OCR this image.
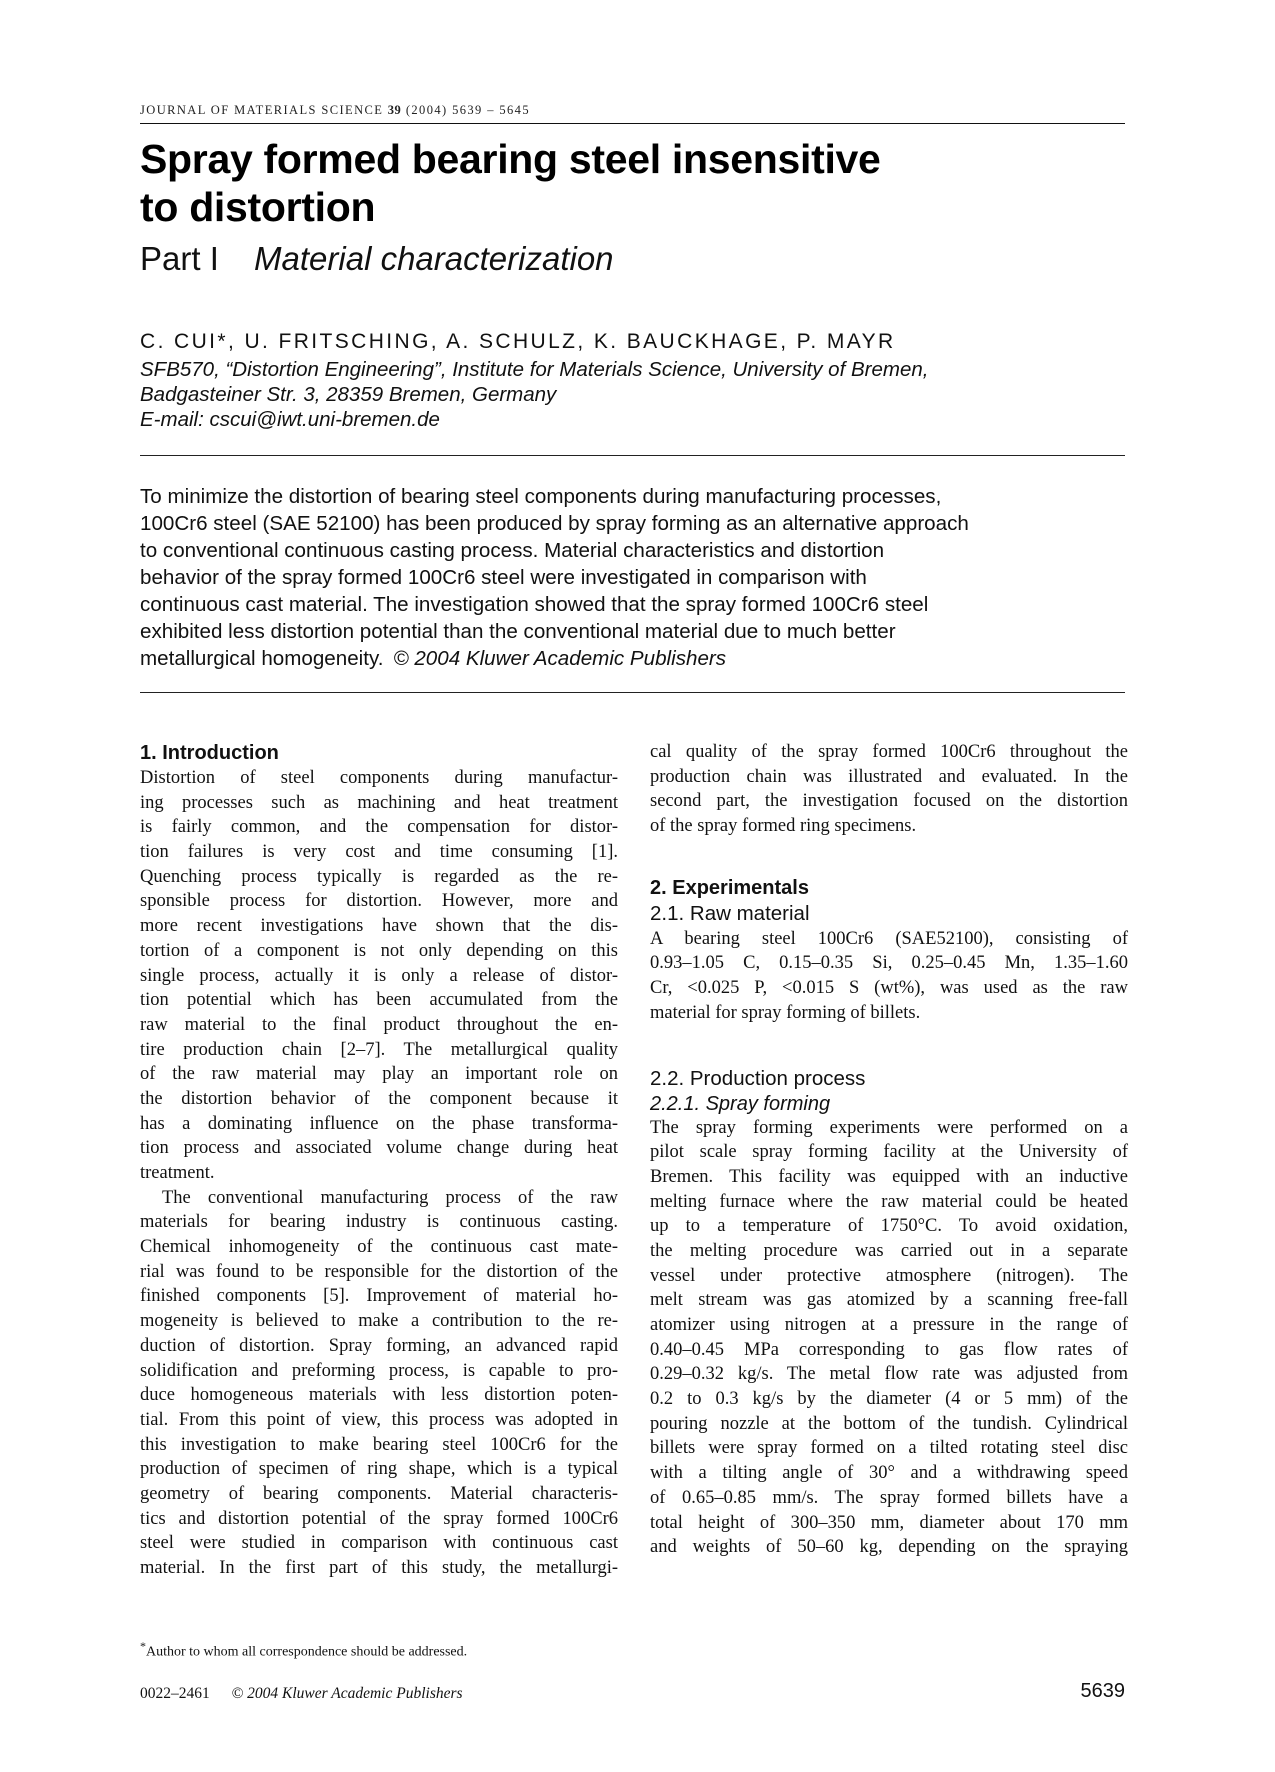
JOURNAL OF MATERIALS SCIENCE 39 (2004) 5639 – 5645
Spray formed bearing steel insensitive
to distortion
Part I Material characterization
C. CUI*, U. FRITSCHING, A. SCHULZ, K. BAUCKHAGE, P. MAYR
SFB570, “Distortion Engineering”, Institute for Materials Science, University of Bremen,
Badgasteiner Str. 3, 28359 Bremen, Germany
E-mail: cscui@iwt.uni-bremen.de
To minimize the distortion of bearing steel components during manufacturing processes,
100Cr6 steel (SAE 52100) has been produced by spray forming as an alternative approach
to conventional continuous casting process. Material characteristics and distortion
behavior of the spray formed 100Cr6 steel were investigated in comparison with
continuous cast material. The investigation showed that the spray formed 100Cr6 steel
exhibited less distortion potential than the conventional material due to much better
metallurgical homogeneity. © 2004 Kluwer Academic Publishers
1. Introduction
Distortion of steel components during manufactur-
ing processes such as machining and heat treatment
is fairly common, and the compensation for distor-
tion failures is very cost and time consuming [1].
Quenching process typically is regarded as the re-
sponsible process for distortion. However, more and
more recent investigations have shown that the dis-
tortion of a component is not only depending on this
single process, actually it is only a release of distor-
tion potential which has been accumulated from the
raw material to the final product throughout the en-
tire production chain [2–7]. The metallurgical quality
of the raw material may play an important role on
the distortion behavior of the component because it
has a dominating influence on the phase transforma-
tion process and associated volume change during heat
treatment.
The conventional manufacturing process of the raw
materials for bearing industry is continuous casting.
Chemical inhomogeneity of the continuous cast mate-
rial was found to be responsible for the distortion of the
finished components [5]. Improvement of material ho-
mogeneity is believed to make a contribution to the re-
duction of distortion. Spray forming, an advanced rapid
solidification and preforming process, is capable to pro-
duce homogeneous materials with less distortion poten-
tial. From this point of view, this process was adopted in
this investigation to make bearing steel 100Cr6 for the
production of specimen of ring shape, which is a typical
geometry of bearing components. Material characteris-
tics and distortion potential of the spray formed 100Cr6
steel were studied in comparison with continuous cast
material. In the first part of this study, the metallurgi-
cal quality of the spray formed 100Cr6 throughout the
production chain was illustrated and evaluated. In the
second part, the investigation focused on the distortion
of the spray formed ring specimens.
2. Experimentals
2.1. Raw material
A bearing steel 100Cr6 (SAE52100), consisting of
0.93–1.05 C, 0.15–0.35 Si, 0.25–0.45 Mn, 1.35–1.60
Cr, <0.025 P, <0.015 S (wt%), was used as the raw
material for spray forming of billets.
2.2. Production process
2.2.1. Spray forming
The spray forming experiments were performed on a
pilot scale spray forming facility at the University of
Bremen. This facility was equipped with an inductive
melting furnace where the raw material could be heated
up to a temperature of 1750°C. To avoid oxidation,
the melting procedure was carried out in a separate
vessel under protective atmosphere (nitrogen). The
melt stream was gas atomized by a scanning free-fall
atomizer using nitrogen at a pressure in the range of
0.40–0.45 MPa corresponding to gas flow rates of
0.29–0.32 kg/s. The metal flow rate was adjusted from
0.2 to 0.3 kg/s by the diameter (4 or 5 mm) of the
pouring nozzle at the bottom of the tundish. Cylindrical
billets were spray formed on a tilted rotating steel disc
with a tilting angle of 30° and a withdrawing speed
of 0.65–0.85 mm/s. The spray formed billets have a
total height of 300–350 mm, diameter about 170 mm
and weights of 50–60 kg, depending on the spraying
*Author to whom all correspondence should be addressed.
0022–2461 © 2004 Kluwer Academic Publishers	5639
